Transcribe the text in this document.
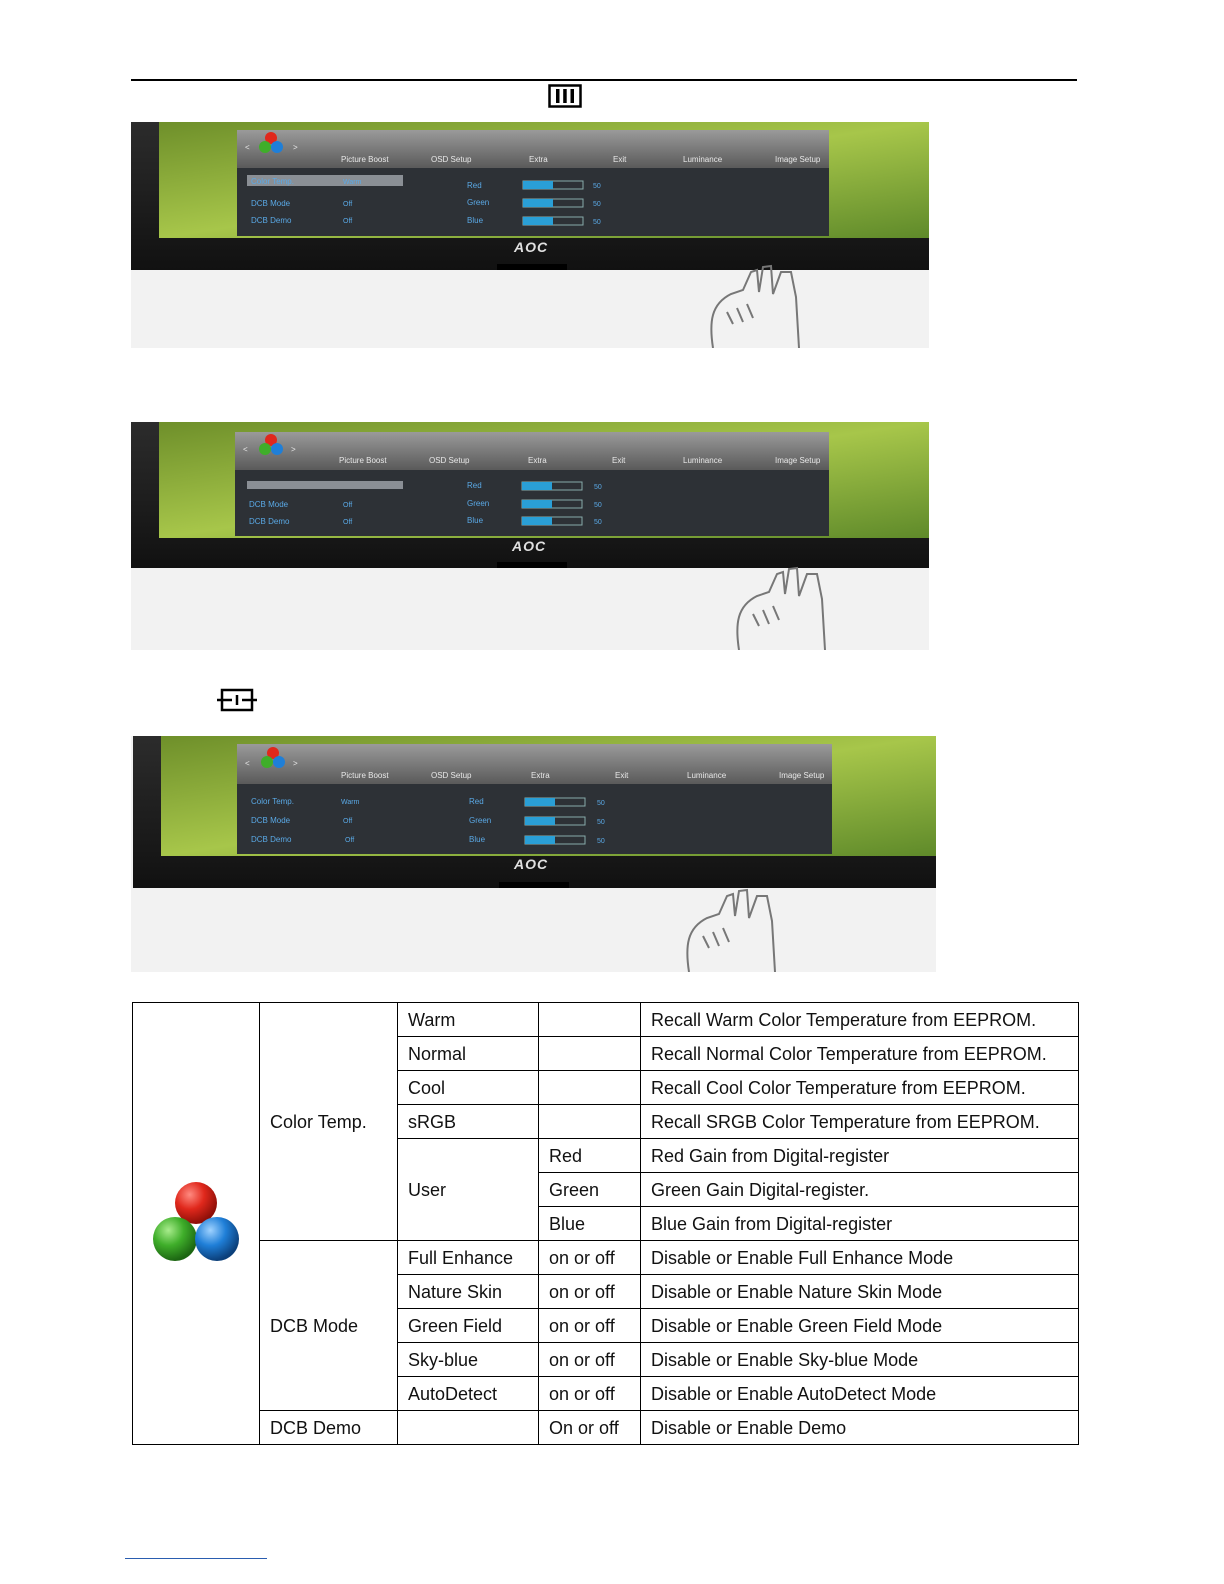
<	>
Picture Boost	OSD Setup	Extra	Exit	Luminance	Image Setup
Color Temp.	Warm
DCB Mode	Off
DCB Demo	Off
Red
Green
Blue
50
50
50
AOC
<	>
Picture Boost	OSD Setup	Extra	Exit	Luminance	Image Setup
DCB Mode	Off
DCB Demo	Off
Red
Green
Blue
50
50
50
AOC
<	>
Picture Boost	OSD Setup	Extra	Exit	Luminance	Image Setup
Color Temp.	Warm
DCB Mode	Off
DCB Demo	Off
Red
Green
Blue
50
50
50
AOC
	Color Temp.	Warm		Recall Warm Color Temperature from EEPROM.
		Normal		Recall Normal Color Temperature from EEPROM.
		Cool		Recall Cool Color Temperature from EEPROM.
		sRGB		Recall SRGB Color Temperature from EEPROM.
		User	Red	Red Gain from Digital-register
			Green	Green Gain Digital-register.
			Blue	Blue Gain from Digital-register
	DCB Mode	Full Enhance	on or off	Disable or Enable Full Enhance Mode
		Nature Skin	on or off	Disable or Enable Nature Skin Mode
		Green Field	on or off	Disable or Enable Green Field Mode
		Sky-blue	on or off	Disable or Enable Sky-blue Mode
		AutoDetect	on or off	Disable or Enable AutoDetect Mode
	DCB Demo		On or off	Disable or Enable Demo
